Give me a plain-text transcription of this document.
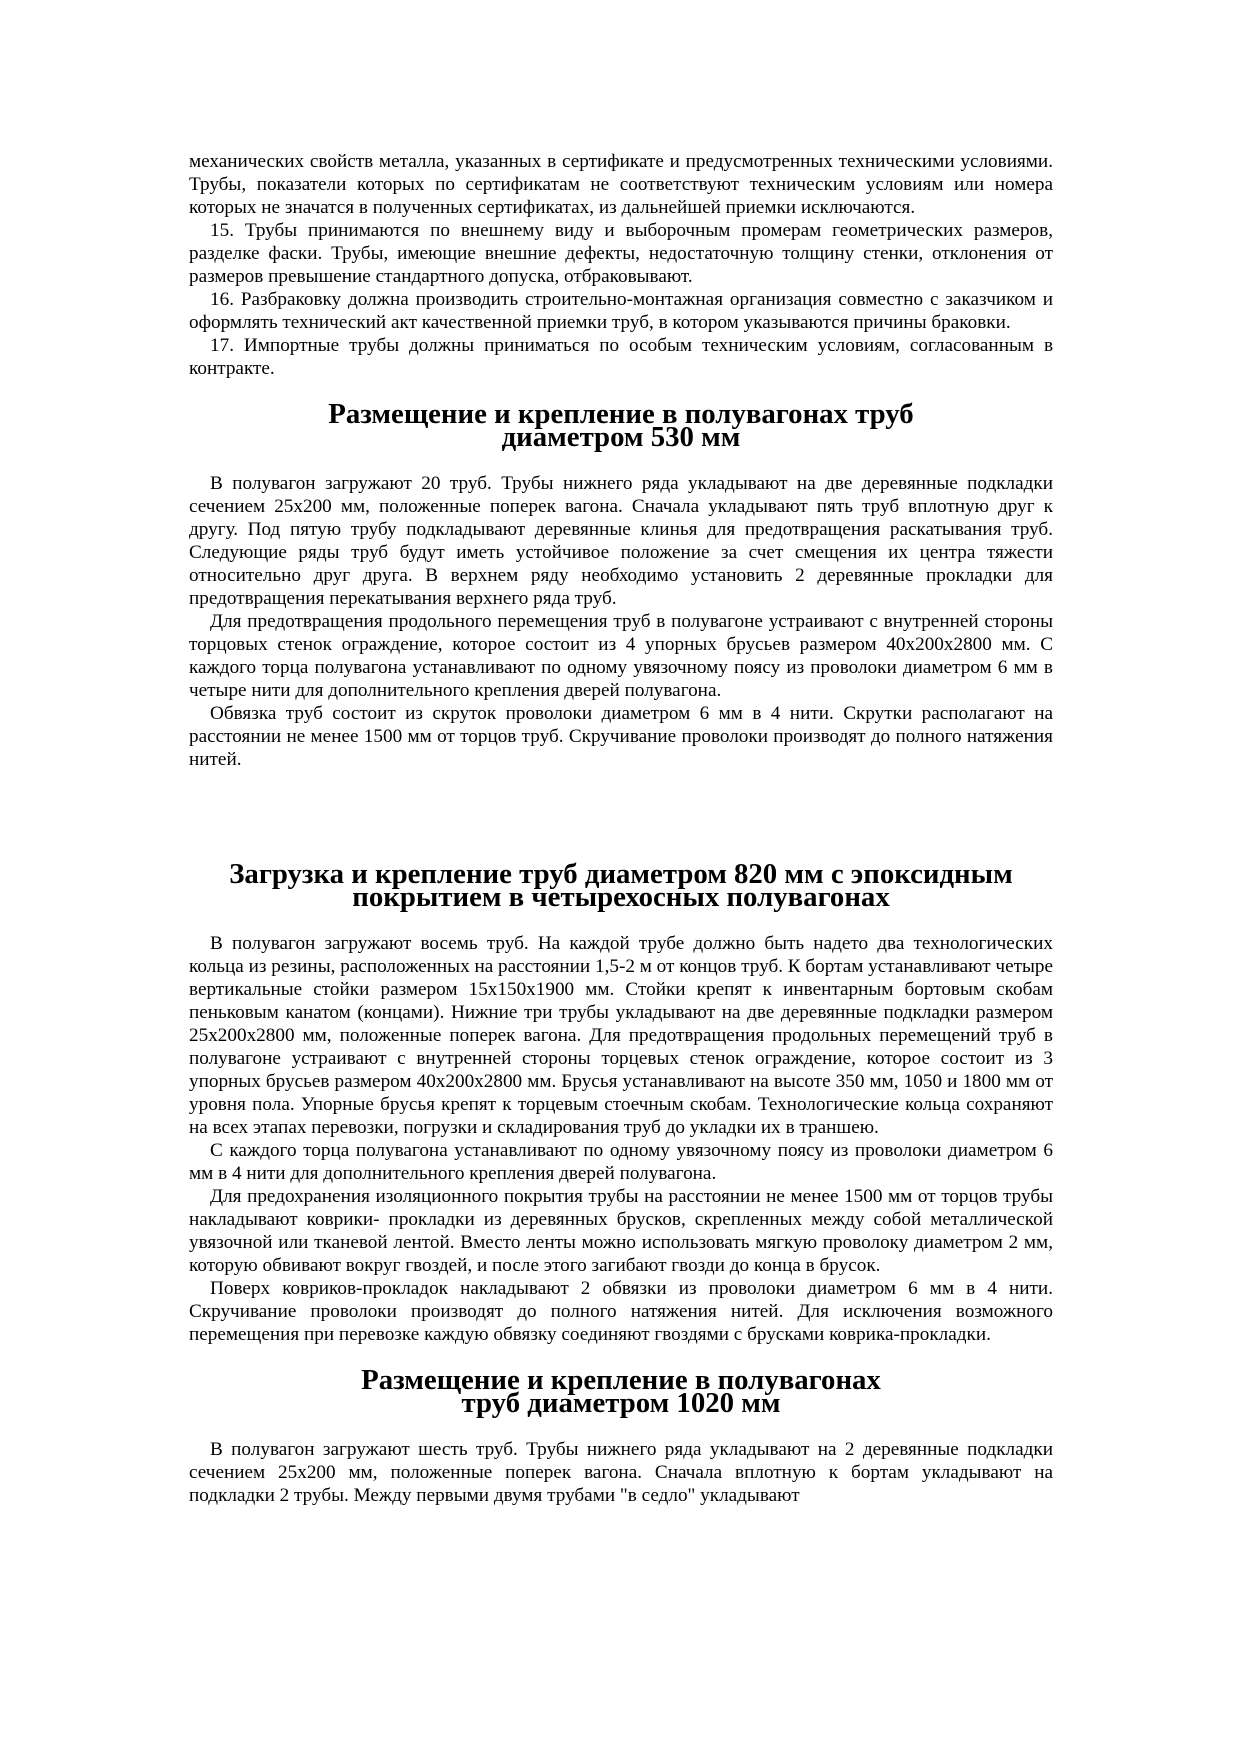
механических свойств металла, указанных в сертификате и предусмотренных техническими условиями. Трубы, показатели которых по сертификатам не соответствуют техническим условиям или номера которых не значатся в полученных сертификатах, из дальнейшей приемки исключаются.

15. Трубы принимаются по внешнему виду и выборочным промерам геометрических размеров, разделке фаски. Трубы, имеющие внешние дефекты, недостаточную толщину стенки, отклонения от размеров превышение стандартного допуска, отбраковывают.

16. Разбраковку должна производить строительно-монтажная организация совместно с заказчиком и оформлять технический акт качественной приемки труб, в котором указываются причины браковки.

17. Импортные трубы должны приниматься по особым техническим условиям, согласованным в контракте.

Размещение и крепление в полувагонах труб
диаметром 530 мм

В полувагон загружают 20 труб. Трубы нижнего ряда укладывают на две деревянные подкладки сечением 25х200 мм, положенные поперек вагона. Сначала укладывают пять труб вплотную друг к другу. Под пятую трубу подкладывают деревянные клинья для предотвращения раскатывания труб. Следующие ряды труб будут иметь устойчивое положение за счет смещения их центра тяжести относительно друг друга. В верхнем ряду необходимо установить 2 деревянные прокладки для предотвращения перекатывания верхнего ряда труб.

Для предотвращения продольного перемещения труб в полувагоне устраивают с внутренней стороны торцовых стенок ограждение, которое состоит из 4 упорных брусьев размером 40х200х2800 мм. С каждого торца полувагона устанавливают по одному увязочному поясу из проволоки диаметром 6 мм в четыре нити для дополнительного крепления дверей полувагона.

Обвязка труб состоит из скруток проволоки диаметром 6 мм в 4 нити. Скрутки располагают на расстоянии не менее 1500 мм от торцов труб. Скручивание проволоки производят до полного натяжения нитей.

Загрузка и крепление труб диаметром 820 мм с эпоксидным
покрытием в четырехосных полувагонах

В полувагон загружают восемь труб. На каждой трубе должно быть надето два технологических кольца из резины, расположенных на расстоянии 1,5-2 м от концов труб. К бортам устанавливают четыре вертикальные стойки размером 15х150х1900 мм. Стойки крепят к инвентарным бортовым скобам пеньковым канатом (концами). Нижние три трубы укладывают на две деревянные подкладки размером 25х200х2800 мм, положенные поперек вагона. Для предотвращения продольных перемещений труб в полувагоне устраивают с внутренней стороны торцевых стенок ограждение, которое состоит из 3 упорных брусьев размером 40х200х2800 мм. Брусья устанавливают на высоте 350 мм, 1050 и 1800 мм от уровня пола. Упорные брусья крепят к торцевым стоечным скобам. Технологические кольца сохраняют на всех этапах перевозки, погрузки и складирования труб до укладки их в траншею.

С каждого торца полувагона устанавливают по одному увязочному поясу из проволоки диаметром 6 мм в 4 нити для дополнительного крепления дверей полувагона.

Для предохранения изоляционного покрытия трубы на расстоянии не менее 1500 мм от торцов трубы накладывают коврики- прокладки из деревянных брусков, скрепленных между собой металлической увязочной или тканевой лентой. Вместо ленты можно использовать мягкую проволоку диаметром 2 мм, которую обвивают вокруг гвоздей, и после этого загибают гвозди до конца в брусок.

Поверх ковриков-прокладок накладывают 2 обвязки из проволоки диаметром 6 мм в 4 нити. Скручивание проволоки производят до полного натяжения нитей. Для исключения возможного перемещения при перевозке каждую обвязку соединяют гвоздями с брусками коврика-прокладки.

Размещение и крепление в полувагонах
труб диаметром 1020 мм

В полувагон загружают шесть труб. Трубы нижнего ряда укладывают на 2 деревянные подкладки сечением 25х200 мм, положенные поперек вагона. Сначала вплотную к бортам укладывают на подкладки 2 трубы. Между первыми двумя трубами "в седло" укладывают
